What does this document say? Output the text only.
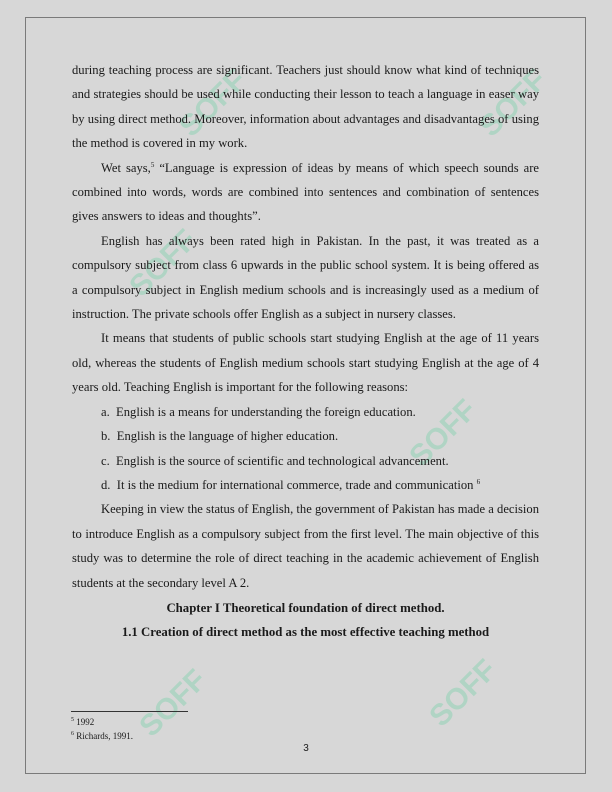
SOFF	SOFF
SOFF
SOFF
SOFF	SOFF

during teaching process are significant. Teachers just should know what kind of techniques and strategies should be used while conducting their lesson to teach a language in easer way by using direct method. Moreover, information about advantages and disadvantages of using the method is covered in my work.

Wet says,$^5$ “Language is expression of ideas by means of which speech sounds are combined into words, words are combined into sentences and combination of sentences gives answers to ideas and thoughts”.

English has always been rated high in Pakistan. In the past, it was treated as a compulsory subject from class 6 upwards in the public school system. It is being offered as a compulsory subject in English medium schools and is increasingly used as a medium of instruction. The private schools offer English as a subject in nursery classes.

It means that students of public schools start studying English at the age of 11 years old, whereas the students of English medium schools start studying English at the age of 4 years old. Teaching English is important for the following reasons:

a. English is a means for understanding the foreign education.

b. English is the language of higher education.

c. English is the source of scientific and technological advancement.

d. It is the medium for international commerce, trade and communication $^6$

Keeping in view the status of English, the government of Pakistan has made a decision to introduce English as a compulsory subject from the first level. The main objective of this study was to determine the role of direct teaching in the academic achievement of English students at the secondary level A 2.

Chapter I Theoretical foundation of direct method.

1.1 Creation of direct method as the most effective teaching method

$^5$ 1992
$^6$ Richards, 1991.
3
